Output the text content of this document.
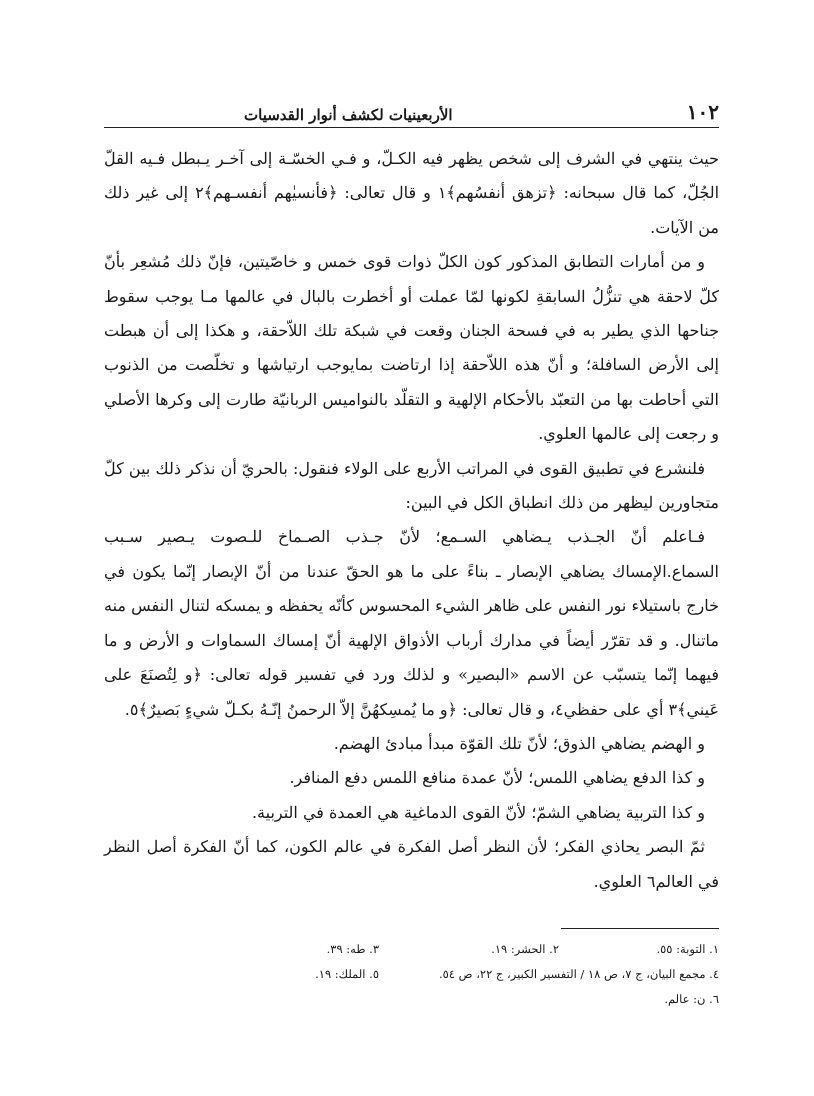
١٠٢
الأربعينيات لكشف أنوار القدسيات

حيث ينتهي في الشرف إلى شخص يظهر فيه الكـلّ، و فـي الخسّـة إلى آخـر يـبطل فـيه القلّ الجُلّ، كما قال سبحانه: ﴿تزهق أنفسُهم﴾١ و قال تعالى: ﴿فأنسيٰهم أنفسـهم﴾٢ إلى غير ذلك من الآيات.

و من أمارات التطابق المذكور كون الكلّ ذوات قوى خمس و خاصّيتين، فإنّ ذلك مُشعِر بأنّ كلّ لاحقة هي تنزُّلُ السابقةِ لكونها لمّا عملت أو أخطرت بالبال في عالمها مـا يوجب سقوط جناحها الذي يطير به في فسحة الجنان وقعت في شبكة تلك اللاّحقة، و هكذا إلى أن هبطت إلى الأرض السافلة؛ و أنّ هذه اللاّحقة إذا ارتاضت بمايوجب ارتياشها و تخلّصت من الذنوب التي أحاطت بها من التعبّد بالأحكام الإلهية و التقلّد بالنواميس الربانيّة طارت إلى وكرها الأصلي و رجعت إلى عالمها العلوي.

فلنشرع في تطبيق القوى في المراتب الأربع على الولاء فنقول: بالحريّ أن نذكر ذلك بين كلّ متجاورين ليظهر من ذلك انطباق الكل في البين:

فـاعلم أنّ الجـذب يـضاهي السـمع؛ لأنّ جـذب الصـماخ للـصوت يـصير سـبب السماع.الإمساك يضاهي الإبصار ـ بناءً على ما هو الحقّ عندنا من أنّ الإبصار إنّما يكون في خارج باستيلاء نور النفس على ظاهر الشيء المحسوس كأنّه يحفظه و يمسكه لتنال النفس منه ماتنال. و قد تقرّر أيضاً في مدارك أرباب الأذواق الإلهية أنّ إمساك السماوات و الأرض و ما فيهما إنّما يتسبّب عن الاسم «البصير» و لذلك ورد في تفسير قوله تعالى: ﴿و لِتُصنَعَ على عَيني﴾٣ أي على حفظي٤، و قال تعالى: ﴿و ما يُمسِكهُنَّ إلاّ الرحمنُ إنّـهُ بكـلّ شيءٍ بَصيرٌ﴾٥.

و الهضم يضاهي الذوق؛ لأنّ تلك القوّة مبدأ مبادئ الهضم.

و كذا الدفع يضاهي اللمس؛ لأنّ عمدة منافع اللمس دفع المنافر.

و كذا التربية يضاهي الشمّ؛ لأنّ القوى الدماغية هي العمدة في التربية.

ثمّ البصر يحاذي الفكر؛ لأن النظر أصل الفكرة في عالم الكون، كما أنّ الفكرة أصل النظر في العالم٦ العلوي.

١. التوبة: ٥٥.
٢. الحشر: ١٩.
٣. طه: ٣٩.
٤. مجمع البيان، ج ٧، ص ١٨ / التفسير الكبير، ج ٢٢، ص ٥٤.
٥. الملك: ١٩.
٦. ن: عالم.
